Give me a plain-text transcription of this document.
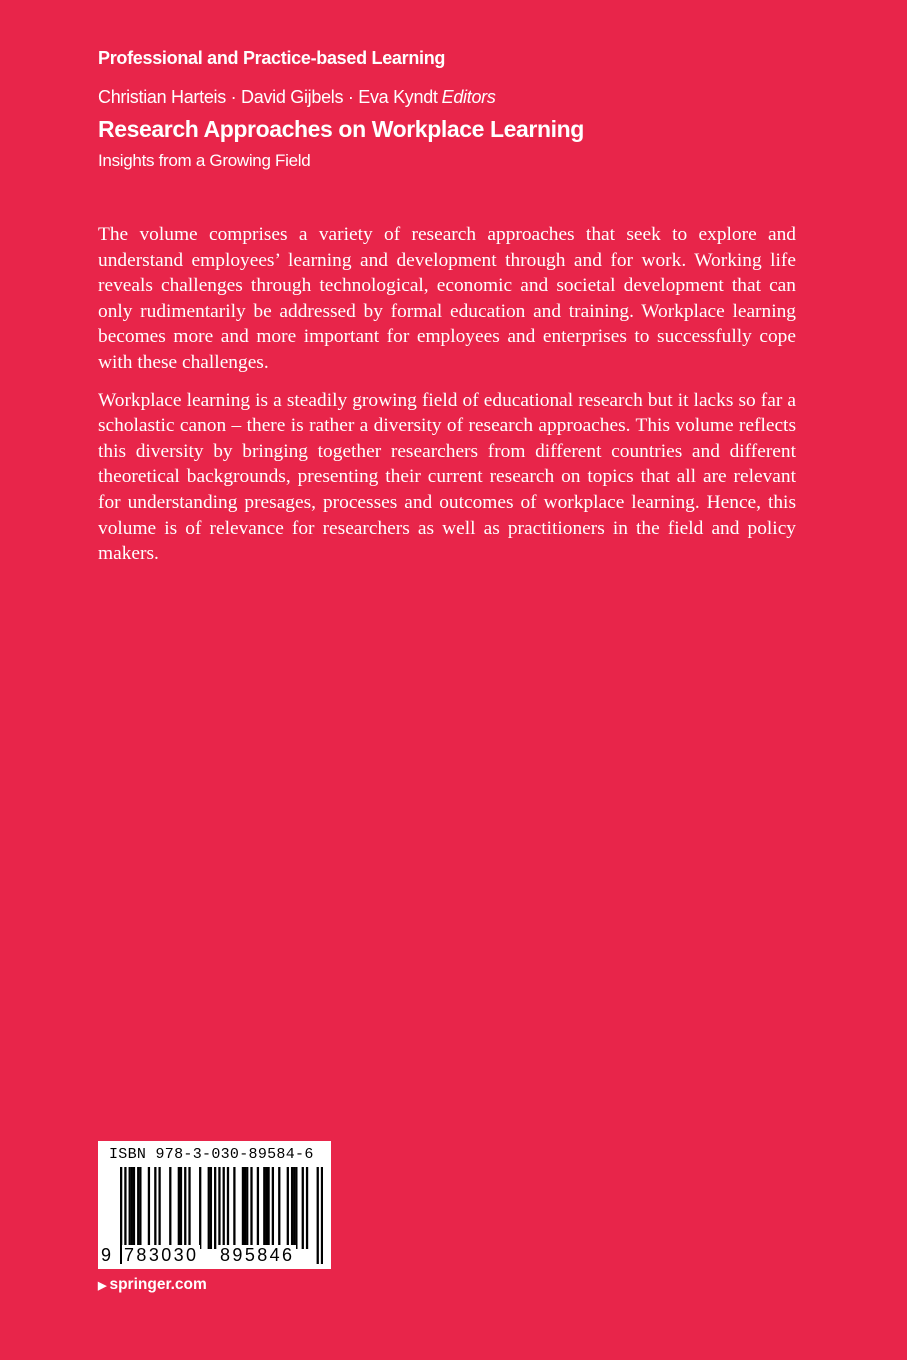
Professional and Practice-based Learning
Christian Harteis · David Gijbels · Eva Kyndt Editors
Research Approaches on Workplace Learning
Insights from a Growing Field

The volume comprises a variety of research approaches that seek to explore and understand employees’ learning and development through and for work. Working life reveals challenges through technological, economic and societal development that can only rudimentarily be addressed by formal education and training. Workplace learning becomes more and more important for employees and enterprises to successfully cope with these challenges.

Workplace learning is a steadily growing field of educational research but it lacks so far a scholastic canon – there is rather a diversity of research approaches. This volume reflects this diversity by bringing together researchers from different countries and different theoretical backgrounds, presenting their current research on topics that all are relevant for understanding presages, processes and outcomes of workplace learning. Hence, this volume is of relevance for researchers as well as practitioners in the field and policy makers.

ISBN 978-3-030-89584-6
9 783030 895846
▶ springer.com
